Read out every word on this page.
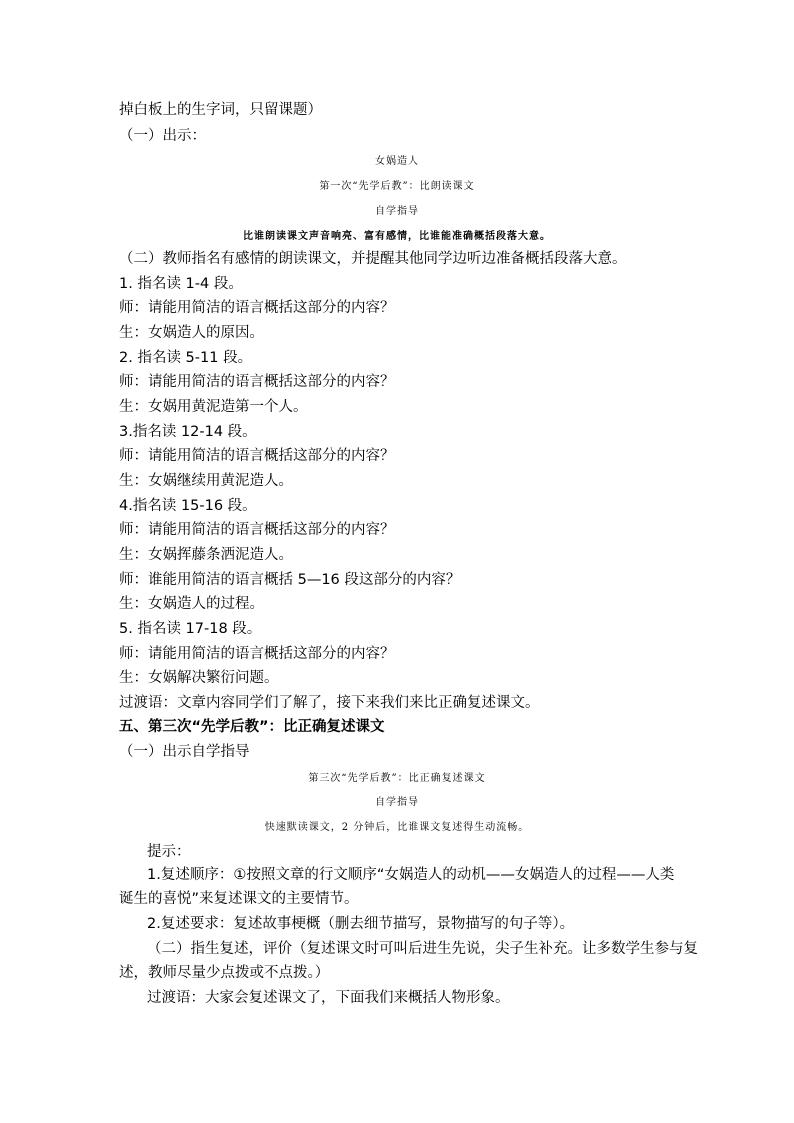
掉白板上的生字词，只留课题）
（一）出示：
女娲造人
第一次“先学后教”：比朗读课文
自学指导
比谁朗读课文声音响亮、富有感情，比谁能准确概括段落大意。
（二）教师指名有感情的朗读课文，并提醒其他同学边听边准备概括段落大意。
1. 指名读 1-4 段。
师：请能用简洁的语言概括这部分的内容？
生：女娲造人的原因。
2. 指名读 5-11 段。
师：请能用简洁的语言概括这部分的内容？
生：女娲用黄泥造第一个人。
3.指名读 12-14 段。
师：请能用简洁的语言概括这部分的内容？
生：女娲继续用黄泥造人。
4.指名读 15-16 段。
师：请能用简洁的语言概括这部分的内容？
生：女娲挥藤条洒泥造人。
师：谁能用简洁的语言概括 5—16 段这部分的内容？
生：女娲造人的过程。
5. 指名读 17-18 段。
师：请能用简洁的语言概括这部分的内容？
生：女娲解决繁衍问题。
过渡语：文章内容同学们了解了，接下来我们来比正确复述课文。
五、第三次“先学后教”：比正确复述课文
（一）出示自学指导
第三次“先学后教”：比正确复述课文
自学指导
快速默读课文，2 分钟后，比谁课文复述得生动流畅。
提示：
1.复述顺序：①按照文章的行文顺序“女娲造人的动机——女娲造人的过程——人类
诞生的喜悦”来复述课文的主要情节。
2.复述要求：复述故事梗概（删去细节描写，景物描写的句子等）。
（二）指生复述，评价（复述课文时可叫后进生先说，尖子生补充。让多数学生参与复
述，教师尽量少点拨或不点拨。）
过渡语：大家会复述课文了，下面我们来概括人物形象。
